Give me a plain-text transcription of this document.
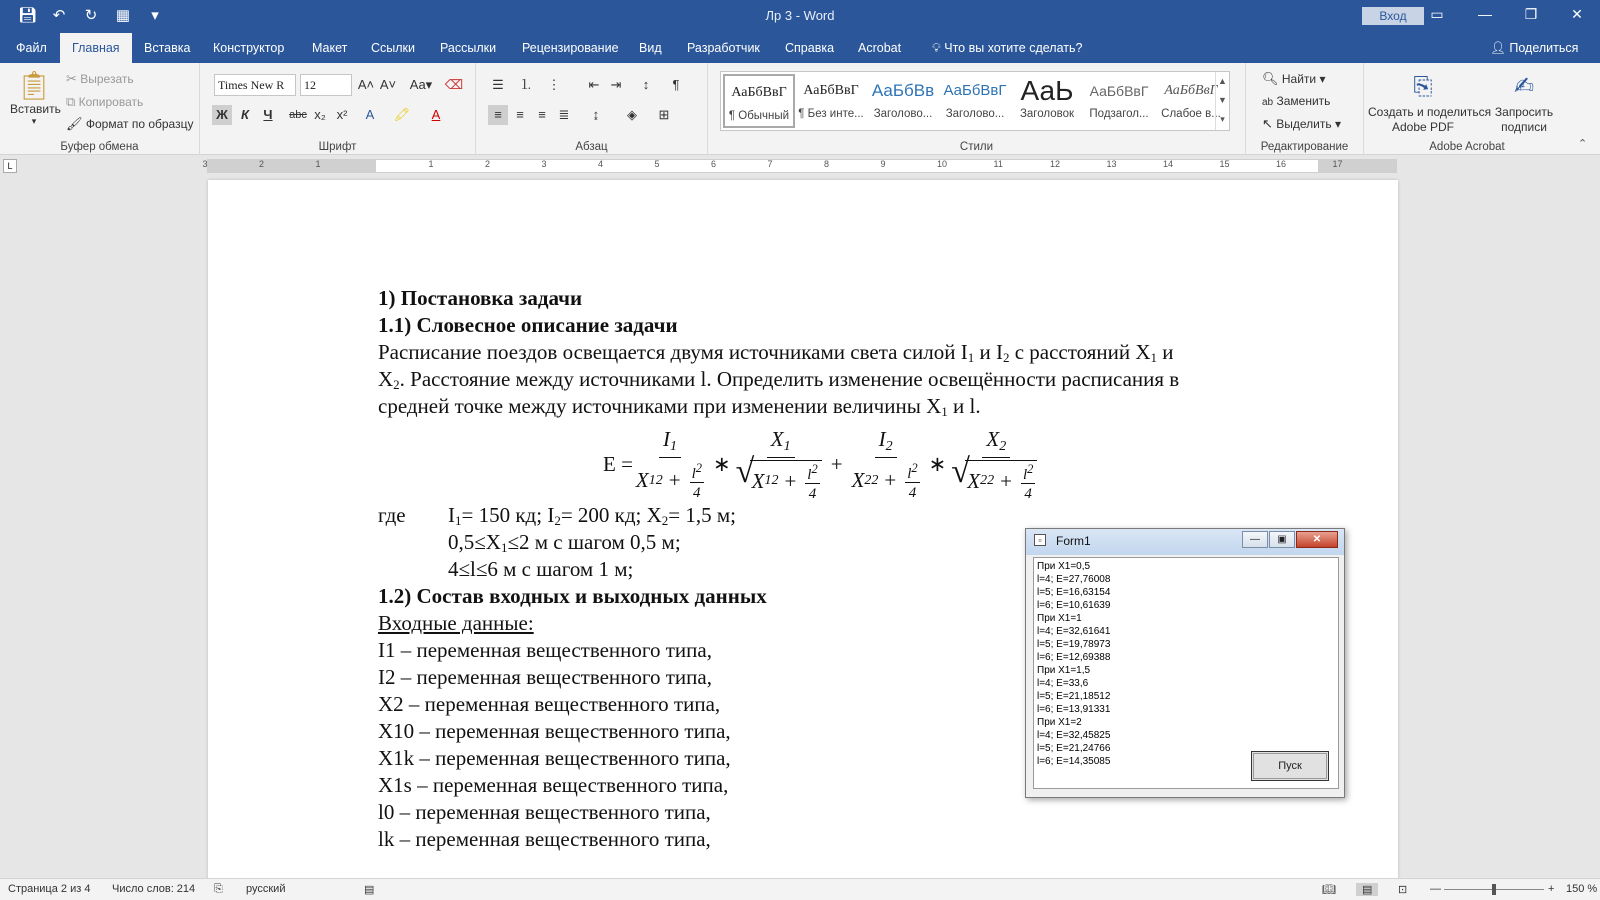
💾︎ ↶ ↻ ▦	▾	Лр 3 - Word	Вход	▭	—	❐	✕
Файл	Главная	Вставка	Конструктор	Макет	Ссылки	Рассылки	Рецензирование	Вид	Разработчик	Справка	Acrobat	💡︎ Что вы хотите сделать?	👤︎ Поделиться
📋︎
Вставить
▾
✂ Вырезать
⧉ Копировать
🖌︎ Формат по образцу
Буфер обмена
Times New R	12	A˄ A˅ Aa▾ ⌫
Ж	К	Ч	abc x₂ x²	A	🖍︎	A
Шрифт
☰	⒈ ⋮	⇤ ⇥	↕	¶
≡	≡	≡ ≣	↨	◈	⊞
Абзац	Стили
АаБбВвГ
¶ Обычный
АаБбВвГ
¶ Без инте...
АаБбВв
Заголово...
АаБбВвГ
Заголово...
АаЬ
Заголовок
АаБбВвГ
Подзагол...
АаБбВвГ
Слабое в...
▲
▼
▾
🔍︎ Найти ▾
ab Заменить
↖ Выделить ▾
Редактирование
⎘
Создать и поделиться
Adobe PDF
✍︎
Запросить
подписи
Adobe Acrobat	⌃
L	3	2	1	1	2	3	4	5	6	7	8	9	10	11	12	13	14	15	16	17
1) Постановка задачи
1.1) Словесное описание задачи
Расписание поездов освещается двумя источниками света силой $I_1$ и $I_2$ с расстояний $X_1$ и
$X_2$. Расстояние между источниками l. Определить изменение освещённости расписания в
средней точке между источниками при изменении величины $X_1$ и l.
где $I_1= 150$ кд; $I_2= 200$ кд; $X_2= 1,5$ м;
$0,5\le X_1\le 2$ м с шагом 0,5 м;
4≤l≤6 м с шагом 1 м;
1.2) Состав входных и выходных данных
Входные данные:
I1 – переменная вещественного типа,
I2 – переменная вещественного типа,
X2 – переменная вещественного типа,
X10 – переменная вещественного типа,
X1k – переменная вещественного типа,
X1s – переменная вещественного типа,
l0 – переменная вещественного типа,
lk – переменная вещественного типа,
$E = \frac{I1}{X 1 2 + \frac{l^2}{4}}$ ∗ X1
√ X 1 $2 + \frac{l^2}{4} + \frac{I2}{X 2 2 + \frac{l^2}{4}}$ ∗ X2
√ X 2 $2 + \frac{l^2}{4}$
▫	Form1	—	▣	✕
При X1=0,5
l=4; E=27,76008
l=5; E=16,63154
l=6; E=10,61639
При X1=1
l=4; E=32,61641
l=5; E=19,78973
l=6; E=12,69388
При X1=1,5
l=4; E=33,6
l=5; E=21,18512
l=6; E=13,91331
При X1=2
l=4; E=32,45825
l=5; E=21,24766
l=6; E=14,35085	Пуск
Страница 2 из 4 Число слов: 214 ⎘ русский	▤	📖︎	▤	⊡ —	+ 150 %
